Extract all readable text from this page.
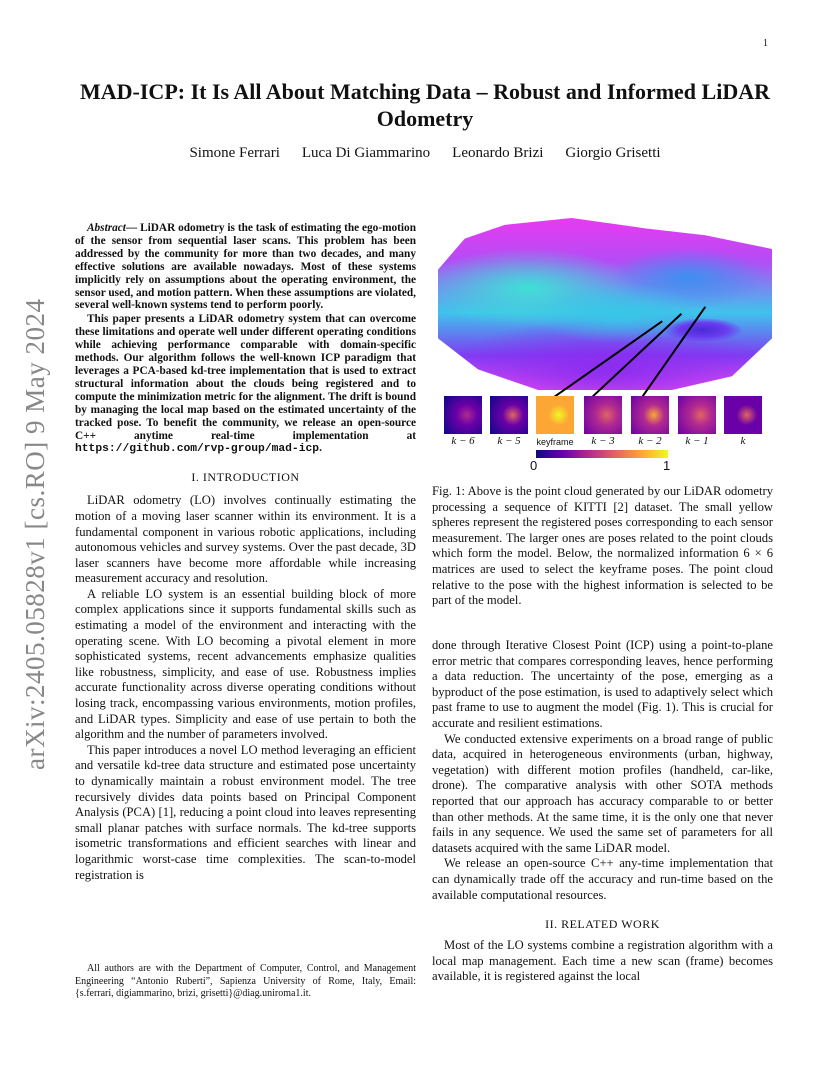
1
arXiv:2405.05828v1 [cs.RO] 9 May 2024
MAD-ICP: It Is All About Matching Data – Robust and Informed LiDAR Odometry
Simone Ferrari Luca Di Giammarino Leonardo Brizi Giorgio Grisetti

Abstract— LiDAR odometry is the task of estimating the ego-motion of the sensor from sequential laser scans. This problem has been addressed by the community for more than two decades, and many effective solutions are available nowadays. Most of these systems implicitly rely on assumptions about the operating environment, the sensor used, and motion pattern. When these assumptions are violated, several well-known systems tend to perform poorly.

This paper presents a LiDAR odometry system that can overcome these limitations and operate well under different operating conditions while achieving performance comparable with domain-specific methods. Our algorithm follows the well-known ICP paradigm that leverages a PCA-based kd-tree implementation that is used to extract structural information about the clouds being registered and to compute the minimization metric for the alignment. The drift is bound by managing the local map based on the estimated uncertainty of the tracked pose. To benefit the community, we release an open-source C++ anytime real-time implementation at https://github.com/rvp-group/mad-icp.

I. INTRODUCTION

LiDAR odometry (LO) involves continually estimating the motion of a moving laser scanner within its environment. It is a fundamental component in various robotic applications, including autonomous vehicles and survey systems. Over the past decade, 3D laser scanners have become more affordable while increasing measurement accuracy and resolution.

A reliable LO system is an essential building block of more complex applications since it supports fundamental skills such as estimating a model of the environment and interacting with the operating scene. With LO becoming a pivotal element in more sophisticated systems, recent advancements emphasize qualities like robustness, simplicity, and ease of use. Robustness implies accurate functionality across diverse operating conditions without losing track, encompassing various environments, motion profiles, and LiDAR types. Simplicity and ease of use pertain to both the algorithm and the number of parameters involved.

This paper introduces a novel LO method leveraging an efficient and versatile kd-tree data structure and estimated pose uncertainty to dynamically maintain a robust environment model. The tree recursively divides data points based on Principal Component Analysis (PCA) [1], reducing a point cloud into leaves representing small planar patches with surface normals. The kd-tree supports isometric transformations and efficient searches with linear and logarithmic worst-case time complexities. The scan-to-model registration is

All authors are with the Department of Computer, Control, and Management Engineering “Antonio Ruberti”, Sapienza University of Rome, Italy, Email: {s.ferrari, digiammarino, brizi, grisetti}@diag.uniroma1.it.
k − 6	k − 5	keyframe	k − 3	k − 2	k − 1	k
0	1

Fig. 1: Above is the point cloud generated by our LiDAR odometry processing a sequence of KITTI [2] dataset. The small yellow spheres represent the registered poses corresponding to each sensor measurement. The larger ones are poses related to the point clouds which form the model. Below, the normalized information 6 × 6 matrices are used to select the keyframe poses. The point cloud relative to the pose with the highest information is selected to be part of the model.

done through Iterative Closest Point (ICP) using a point-to-plane error metric that compares corresponding leaves, hence performing a data reduction. The uncertainty of the pose, emerging as a byproduct of the pose estimation, is used to adaptively select which past frame to use to augment the model (Fig. 1). This is crucial for accurate and resilient estimations.

We conducted extensive experiments on a broad range of public data, acquired in heterogeneous environments (urban, highway, vegetation) with different motion profiles (handheld, car-like, drone). The comparative analysis with other SOTA methods reported that our approach has accuracy comparable to or better than other methods. At the same time, it is the only one that never fails in any sequence. We used the same set of parameters for all datasets acquired with the same LiDAR model.

We release an open-source C++ any-time implementation that can dynamically trade off the accuracy and run-time based on the available computational resources.

II. RELATED WORK

Most of the LO systems combine a registration algorithm with a local map management. Each time a new scan (frame) becomes available, it is registered against the local
